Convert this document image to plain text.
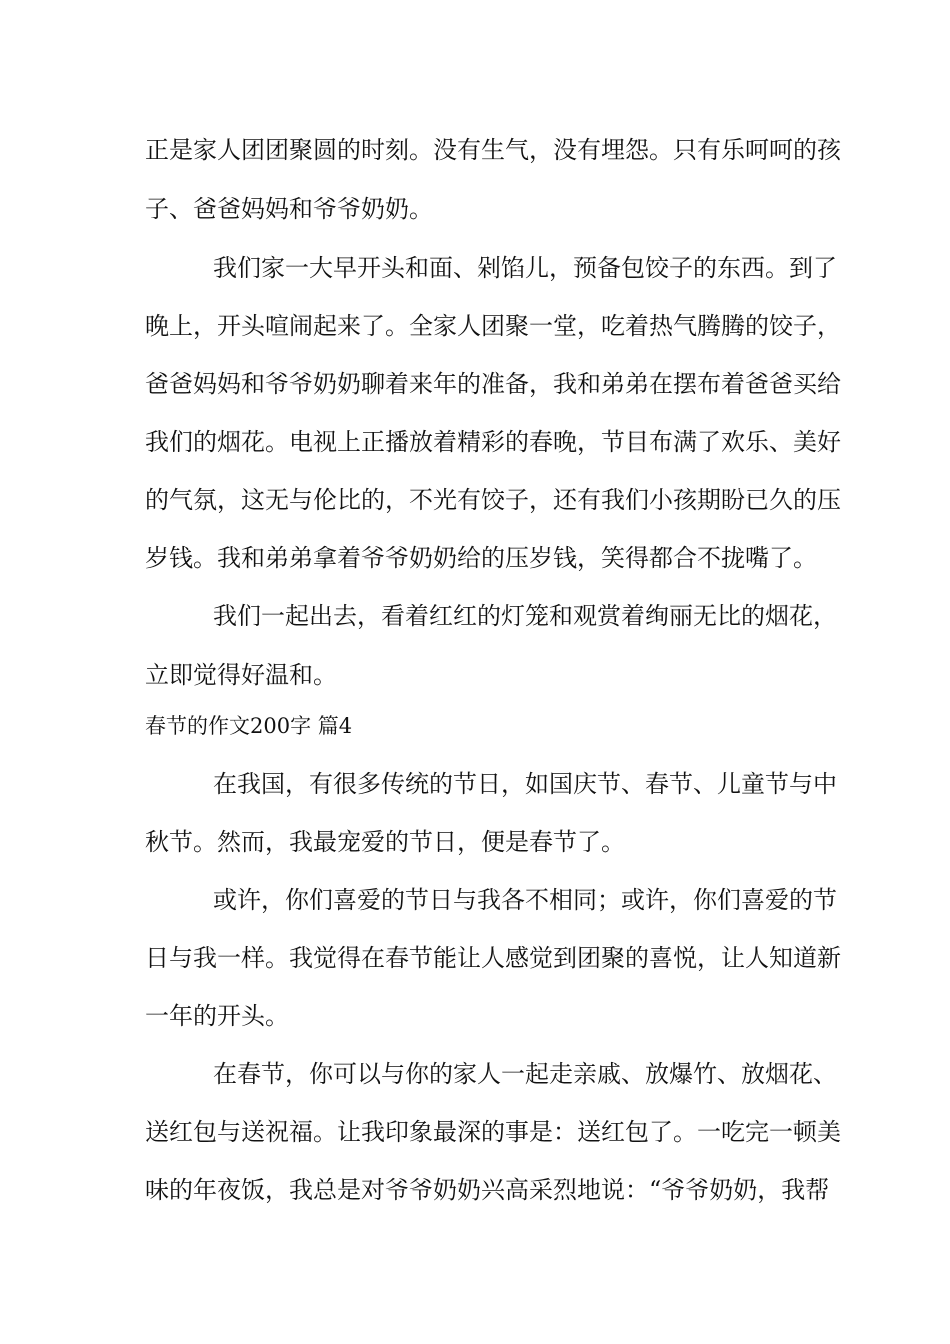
正是家人团团聚圆的时刻。没有生气，没有埋怨。只有乐呵呵的孩
子、爸爸妈妈和爷爷奶奶。
我们家一大早开头和面、剁馅儿，预备包饺子的东西。到了
晚上，开头喧闹起来了。全家人团聚一堂，吃着热气腾腾的饺子，
爸爸妈妈和爷爷奶奶聊着来年的准备，我和弟弟在摆布着爸爸买给
我们的烟花。电视上正播放着精彩的春晚，节目布满了欢乐、美好
的气氛，这无与伦比的，不光有饺子，还有我们小孩期盼已久的压
岁钱。我和弟弟拿着爷爷奶奶给的压岁钱，笑得都合不拢嘴了。
我们一起出去，看着红红的灯笼和观赏着绚丽无比的烟花，
立即觉得好温和。
春节的作文200字 篇4
在我国，有很多传统的节日，如国庆节、春节、儿童节与中
秋节。然而，我最宠爱的节日，便是春节了。
或许，你们喜爱的节日与我各不相同；或许，你们喜爱的节
日与我一样。我觉得在春节能让人感觉到团聚的喜悦，让人知道新
一年的开头。
在春节，你可以与你的家人一起走亲戚、放爆竹、放烟花、
送红包与送祝福。让我印象最深的事是：送红包了。一吃完一顿美
味的年夜饭，我总是对爷爷奶奶兴高采烈地说：“爷爷奶奶，我帮
